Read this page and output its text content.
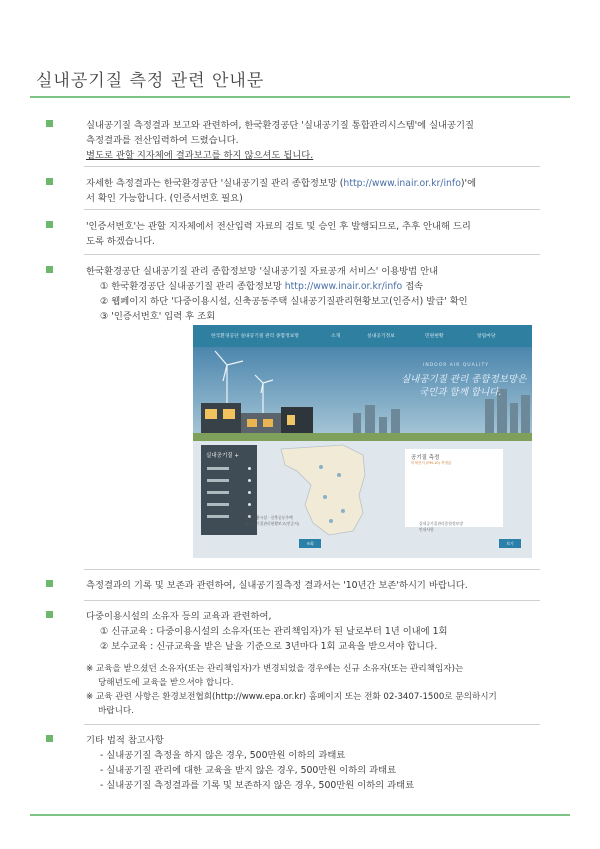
실내공기질 측정 관련 안내문

실내공기질 측정결과 보고와 관련하여, 한국환경공단 '실내공기질 통합관리시스템'에 실내공기질

측정결과를 전산입력하여 드렸습니다.

별도로 관할 지자체에 결과보고를 하지 않으셔도 됩니다.

자세한 측정결과는 한국환경공단 '실내공기질 관리 종합정보망 (http://www.inair.or.kr/info)'에

서 확인 가능합니다. (인증서번호 필요)

'인증서번호'는 관할 지자체에서 전산입력 자료의 검토 및 승인 후 발행되므로, 추후 안내해 드리

도록 하겠습니다.

한국환경공단 실내공기질 관리 종합정보망 '실내공기질 자료공개 서비스' 이용방법 안내

① 한국환경공단 실내공기질 관리 종합정보망 http://www.inair.or.kr/info 접속

② 웹페이지 하단 '다중이용시설, 신축공동주택 실내공기질관리현황보고(인증서) 발급' 확인

③ '인증서번호' 입력 후 조회

한국환경공단 실내공기질 관리 종합정보망	소개	실내공기정보	민원현황	알림마당
INDOOR AIR QUALITY
실내공기질 관리 종합정보망은
국민과 함께 합니다.
실내공기질 +	공기질 측정
미세먼지 (PM-10) 측정값
다중이용시설 · 신축공동주택
실내공기질관리현황보고(인증서)	실내공기질관리종합정보망
안내사항
조회	보기

측정결과의 기록 및 보존과 관련하여, 실내공기질측정 결과서는 '10년간 보존'하시기 바랍니다.

다중이용시설의 소유자 등의 교육과 관련하여,

① 신규교육 : 다중이용시설의 소유자(또는 관리책임자)가 된 날로부터 1년 이내에 1회

② 보수교육 : 신규교육을 받은 날을 기준으로 3년마다 1회 교육을 받으셔야 합니다.

※ 교육을 받으셨던 소유자(또는 관리책임자)가 변경되었을 경우에는 신규 소유자(또는 관리책임자)는

당해년도에 교육을 받으셔야 합니다.

※ 교육 관련 사항은 환경보전협회(http://www.epa.or.kr) 홈페이지 또는 전화 02-3407-1500로 문의하시기

바랍니다.

기타 법적 참고사항

- 실내공기질 측정을 하지 않은 경우, 500만원 이하의 과태료

- 실내공기질 관리에 대한 교육을 받지 않은 경우, 500만원 이하의 과태료

- 실내공기질 측정결과를 기록 및 보존하지 않은 경우, 500만원 이하의 과태료
